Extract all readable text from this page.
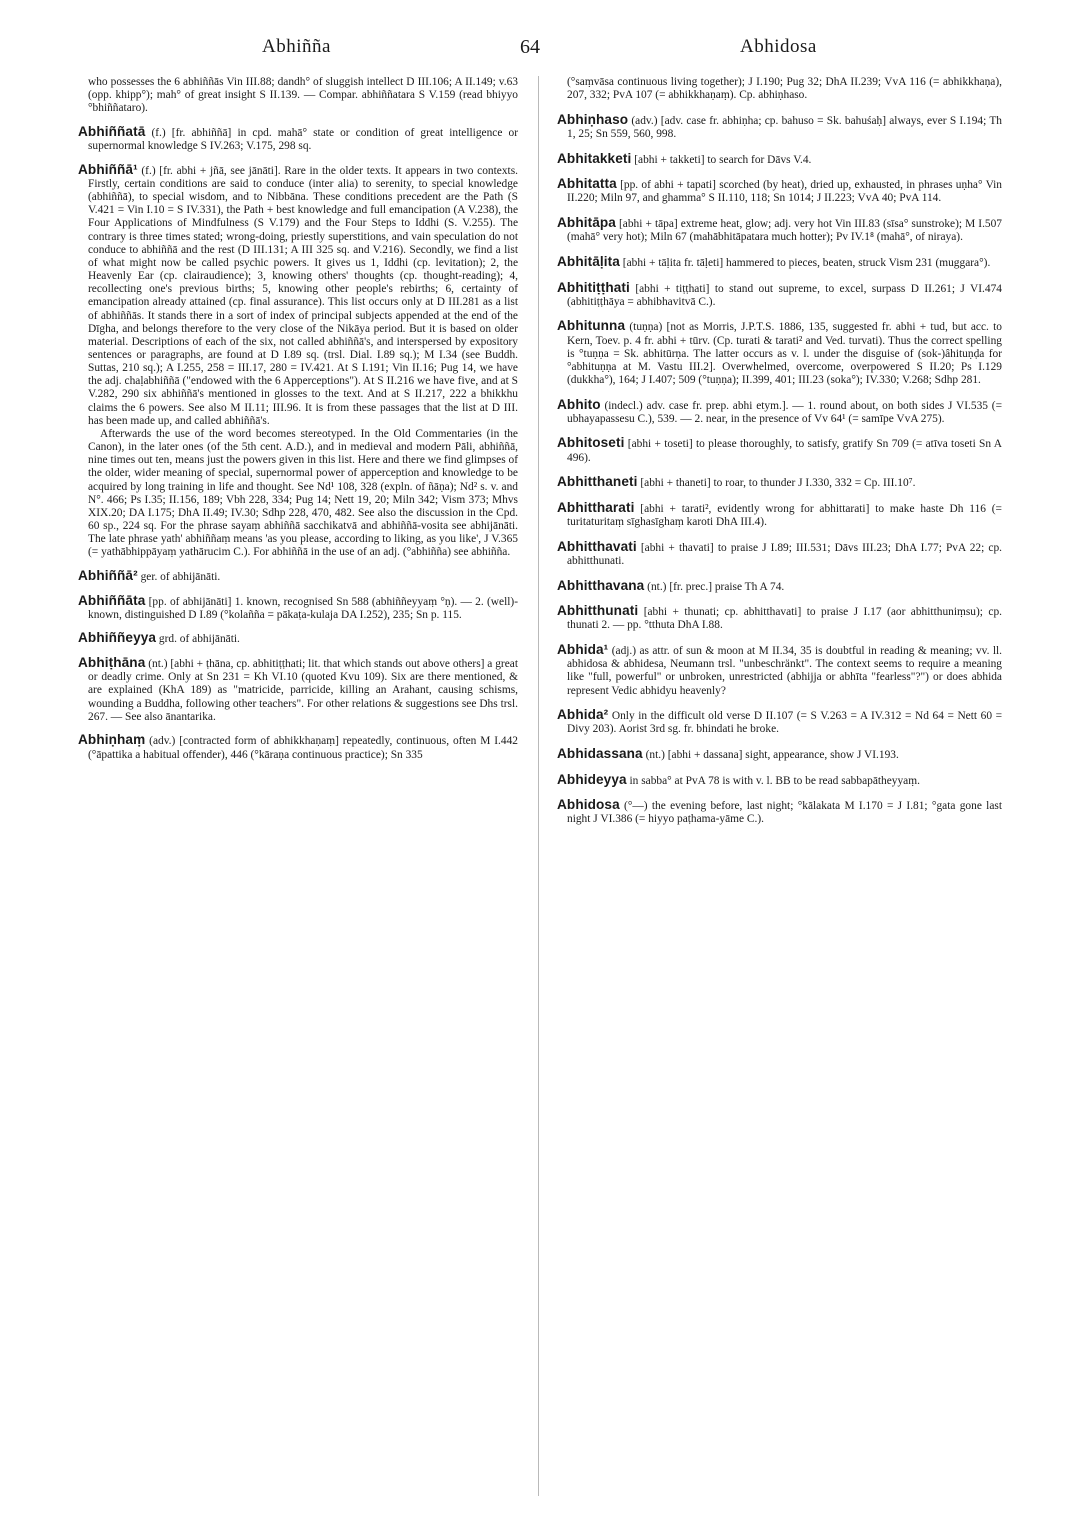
Abhiñña	64	Abhidosa

who possesses the 6 abhiññās Vin III.88; dandh° of sluggish intellect D III.106; A II.149; v.63 (opp. khipp°); mah° of great insight S II.139. — Compar. abhiññatara S V.159 (read bhiyyo °bhiññataro).

Abhiññatā (f.) [fr. abhiññā] in cpd. mahā° state or condition of great intelligence or supernormal knowledge S IV.263; V.175, 298 sq.

Abhiññā¹ (f.) [fr. abhi + jñā, see jānāti]. Rare in the older texts. It appears in two contexts. Firstly, certain conditions are said to conduce (inter alia) to serenity, to special knowledge (abhiññā), to special wisdom, and to Nibbāna. These conditions precedent are the Path (S V.421 = Vin I.10 = S IV.331), the Path + best knowledge and full emancipation (A V.238), the Four Applications of Mindfulness (S V.179) and the Four Steps to Iddhi (S. V.255). The contrary is three times stated; wrong-doing, priestly superstitions, and vain speculation do not conduce to abhiññā and the rest (D III.131; A III 325 sq. and V.216). Secondly, we find a list of what might now be called psychic powers. It gives us 1, Iddhi (cp. levitation); 2, the Heavenly Ear (cp. clairaudience); 3, knowing others' thoughts (cp. thought-reading); 4, recollecting one's previous births; 5, knowing other people's rebirths; 6, certainty of emancipation already attained (cp. final assurance). This list occurs only at D III.281 as a list of abhiññās. It stands there in a sort of index of principal subjects appended at the end of the Dīgha, and belongs therefore to the very close of the Nikāya period. But it is based on older material. Descriptions of each of the six, not called abhiññā's, and interspersed by expository sentences or paragraphs, are found at D I.89 sq. (trsl. Dial. I.89 sq.); M I.34 (see Buddh. Suttas, 210 sq.); A I.255, 258 = III.17, 280 = IV.421. At S I.191; Vin II.16; Pug 14, we have the adj. chaḷabhiññā ("endowed with the 6 Apperceptions"). At S II.216 we have five, and at S V.282, 290 six abhiññā's mentioned in glosses to the text. And at S II.217, 222 a bhikkhu claims the 6 powers. See also M II.11; III.96. It is from these passages that the list at D III. has been made up, and called abhiññā's.

Afterwards the use of the word becomes stereotyped. In the Old Commentaries (in the Canon), in the later ones (of the 5th cent. A.D.), and in medieval and modern Pāli, abhiññā, nine times out ten, means just the powers given in this list. Here and there we find glimpses of the older, wider meaning of special, supernormal power of apperception and knowledge to be acquired by long training in life and thought. See Nd¹ 108, 328 (expln. of ñāṇa); Nd² s. v. and N°. 466; Ps I.35; II.156, 189; Vbh 228, 334; Pug 14; Nett 19, 20; Miln 342; Vism 373; Mhvs XIX.20; DA I.175; DhA II.49; IV.30; Sdhp 228, 470, 482. See also the discussion in the Cpd. 60 sp., 224 sq. For the phrase sayaṃ abhiññā sacchikatvā and abhiññā-vosita see abhijānāti. The late phrase yath' abhiññaṃ means 'as you please, according to liking, as you like', J V.365 (= yathābhippāyaṃ yathārucim C.). For abhiññā in the use of an adj. (°abhiñña) see abhiñña.

Abhiññā² ger. of abhijānāti.

Abhiññāta [pp. of abhijānāti] 1. known, recognised Sn 588 (abhiññeyyaṃ °ṇ). — 2. (well)-known, distinguished D I.89 (°kolañña = pākaṭa-kulaja DA I.252), 235; Sn p. 115.

Abhiññeyya grd. of abhijānāti.

Abhiṭhāna (nt.) [abhi + ṭhāna, cp. abhitiṭṭhati; lit. that which stands out above others] a great or deadly crime. Only at Sn 231 = Kh VI.10 (quoted Kvu 109). Six are there mentioned, & are explained (KhA 189) as "matricide, parricide, killing an Arahant, causing schisms, wounding a Buddha, following other teachers". For other relations & suggestions see Dhs trsl. 267. — See also ānantarika.

Abhiṇhaṃ (adv.) [contracted form of abhikkhaṇaṃ] repeatedly, continuous, often M I.442 (°āpattika a habitual offender), 446 (°kāraṇa continuous practice); Sn 335

(°saṃvāsa continuous living together); J I.190; Pug 32; DhA II.239; VvA 116 (= abhikkhaṇa), 207, 332; PvA 107 (= abhikkhaṇaṃ). Cp. abhiṇhaso.

Abhiṇhaso (adv.) [adv. case fr. abhiṇha; cp. bahuso = Sk. bahuśaḥ] always, ever S I.194; Th 1, 25; Sn 559, 560, 998.

Abhitakketi [abhi + takketi] to search for Dāvs V.4.

Abhitatta [pp. of abhi + tapati] scorched (by heat), dried up, exhausted, in phrases uṇha° Vin II.220; Miln 97, and ghamma° S II.110, 118; Sn 1014; J II.223; VvA 40; PvA 114.

Abhitāpa [abhi + tāpa] extreme heat, glow; adj. very hot Vin III.83 (sīsa° sunstroke); M I.507 (mahā° very hot); Miln 67 (mahābhitāpatara much hotter); Pv IV.1⁸ (mahā°, of niraya).

Abhitāḷita [abhi + tāḷita fr. tāḷeti] hammered to pieces, beaten, struck Vism 231 (muggara°).

Abhitiṭṭhati [abhi + tiṭṭhati] to stand out supreme, to excel, surpass D II.261; J VI.474 (abhitiṭṭhāya = abhibhavitvā C.).

Abhitunna (tuṇṇa) [not as Morris, J.P.T.S. 1886, 135, suggested fr. abhi + tud, but acc. to Kern, Toev. p. 4 fr. abhi + tūrv. (Cp. turati & tarati² and Ved. turvati). Thus the correct spelling is °tuṇṇa = Sk. abhitūrṇa. The latter occurs as v. l. under the disguise of (sok-)âhituṇḍa for °abhituṇṇa at M. Vastu III.2]. Overwhelmed, overcome, overpowered S II.20; Ps I.129 (dukkha°), 164; J I.407; 509 (°tuṇṇa); II.399, 401; III.23 (soka°); IV.330; V.268; Sdhp 281.

Abhito (indecl.) adv. case fr. prep. abhi etym.]. — 1. round about, on both sides J VI.535 (= ubhayapassesu C.), 539. — 2. near, in the presence of Vv 64¹ (= samīpe VvA 275).

Abhitoseti [abhi + toseti] to please thoroughly, to satisfy, gratify Sn 709 (= atīva toseti Sn A 496).

Abhitthaneti [abhi + thaneti] to roar, to thunder J I.330, 332 = Cp. III.10⁷.

Abhittharati [abhi + tarati², evidently wrong for abhittarati] to make haste Dh 116 (= turitaturitaṃ sīghasīghaṃ karoti DhA III.4).

Abhitthavati [abhi + thavati] to praise J I.89; III.531; Dāvs III.23; DhA I.77; PvA 22; cp. abhitthunati.

Abhitthavana (nt.) [fr. prec.] praise Th A 74.

Abhitthunati [abhi + thunati; cp. abhitthavati] to praise J I.17 (aor abhitthuniṃsu); cp. thunati 2. — pp. °tthuta DhA I.88.

Abhida¹ (adj.) as attr. of sun & moon at M II.34, 35 is doubtful in reading & meaning; vv. ll. abhidosa & abhidesa, Neumann trsl. "unbeschränkt". The context seems to require a meaning like "full, powerful" or unbroken, unrestricted (abhijja or abhīta "fearless"?") or does abhida represent Vedic abhidyu heavenly?

Abhida² Only in the difficult old verse D II.107 (= S V.263 = A IV.312 = Nd 64 = Nett 60 = Divy 203). Aorist 3rd sg. fr. bhindati he broke.

Abhidassana (nt.) [abhi + dassana] sight, appearance, show J VI.193.

Abhideyya in sabba° at PvA 78 is with v. l. BB to be read sabbapātheyyaṃ.

Abhidosa (°—) the evening before, last night; °kālakata M I.170 = J I.81; °gata gone last night J VI.386 (= hiyyo paṭhama-yāme C.).
